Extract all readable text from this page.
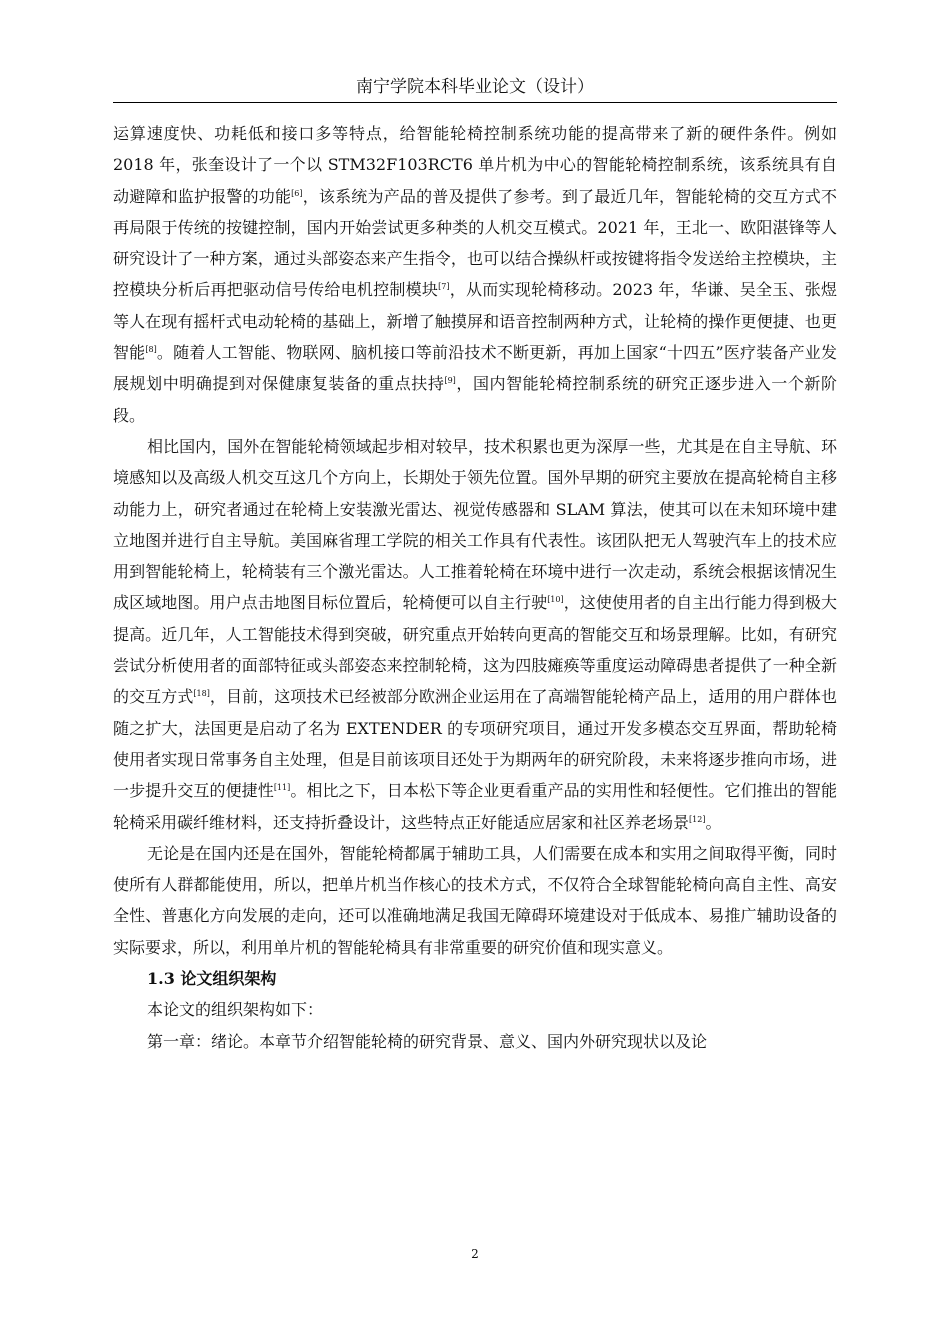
南宁学院本科毕业论文（设计）

运算速度快、功耗低和接口多等特点，给智能轮椅控制系统功能的提高带来了新的硬件条件。例如 2018 年，张奎设计了一个以 STM32F103RCT6 单片机为中心的智能轮椅控制系统，该系统具有自动避障和监护报警的功能[6]，该系统为产品的普及提供了参考。到了最近几年，智能轮椅的交互方式不再局限于传统的按键控制，国内开始尝试更多种类的人机交互模式。2021 年，王北一、欧阳湛锋等人研究设计了一种方案，通过头部姿态来产生指令，也可以结合操纵杆或按键将指令发送给主控模块，主控模块分析后再把驱动信号传给电机控制模块[7]，从而实现轮椅移动。2023 年，华谦、吴全玉、张煜等人在现有摇杆式电动轮椅的基础上，新增了触摸屏和语音控制两种方式，让轮椅的操作更便捷、也更智能[8]。随着人工智能、物联网、脑机接口等前沿技术不断更新，再加上国家“十四五”医疗装备产业发展规划中明确提到对保健康复装备的重点扶持[9]，国内智能轮椅控制系统的研究正逐步进入一个新阶段。

相比国内，国外在智能轮椅领域起步相对较早，技术积累也更为深厚一些，尤其是在自主导航、环境感知以及高级人机交互这几个方向上，长期处于领先位置。国外早期的研究主要放在提高轮椅自主移动能力上，研究者通过在轮椅上安装激光雷达、视觉传感器和 SLAM 算法，使其可以在未知环境中建立地图并进行自主导航。美国麻省理工学院的相关工作具有代表性。该团队把无人驾驶汽车上的技术应用到智能轮椅上，轮椅装有三个激光雷达。人工推着轮椅在环境中进行一次走动，系统会根据该情况生成区域地图。用户点击地图目标位置后，轮椅便可以自主行驶[10]，这使使用者的自主出行能力得到极大提高。近几年，人工智能技术得到突破，研究重点开始转向更高的智能交互和场景理解。比如，有研究尝试分析使用者的面部特征或头部姿态来控制轮椅，这为四肢瘫痪等重度运动障碍患者提供了一种全新的交互方式[18]，目前，这项技术已经被部分欧洲企业运用在了高端智能轮椅产品上，适用的用户群体也随之扩大，法国更是启动了名为 EXTENDER 的专项研究项目，通过开发多模态交互界面，帮助轮椅使用者实现日常事务自主处理，但是目前该项目还处于为期两年的研究阶段，未来将逐步推向市场，进一步提升交互的便捷性[11]。相比之下，日本松下等企业更看重产品的实用性和轻便性。它们推出的智能轮椅采用碳纤维材料，还支持折叠设计，这些特点正好能适应居家和社区养老场景[12]。

无论是在国内还是在国外，智能轮椅都属于辅助工具，人们需要在成本和实用之间取得平衡，同时使所有人群都能使用，所以，把单片机当作核心的技术方式，不仅符合全球智能轮椅向高自主性、高安全性、普惠化方向发展的走向，还可以准确地满足我国无障碍环境建设对于低成本、易推广辅助设备的实际要求，所以，利用单片机的智能轮椅具有非常重要的研究价值和现实意义。

1.3 论文组织架构

本论文的组织架构如下：

第一章：绪论。本章节介绍智能轮椅的研究背景、意义、国内外研究现状以及论

2
